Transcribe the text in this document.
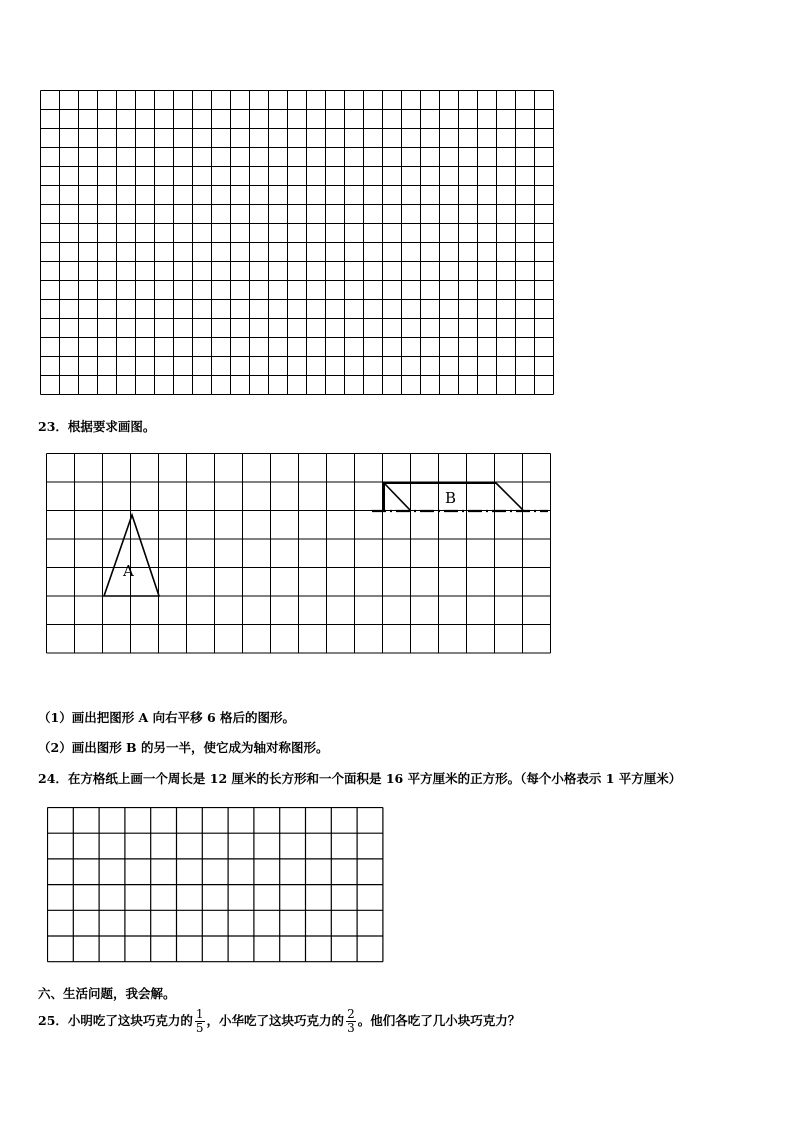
23．根据要求画图。
A
B
（1）画出把图形 A 向右平移 6 格后的图形。
（2）画出图形 B 的另一半，使它成为轴对称图形。
24．在方格纸上画一个周长是 12 厘米的长方形和一个面积是 16 平方厘米的正方形。（每个小格表示 1 平方厘米）
六、生活问题，我会解。
25．小明吃了这块巧克力的 $\frac{1}{5}$ ，小华吃了这块巧克力的 $\frac{2}{3}$ 。他们各吃了几小块巧克力？
